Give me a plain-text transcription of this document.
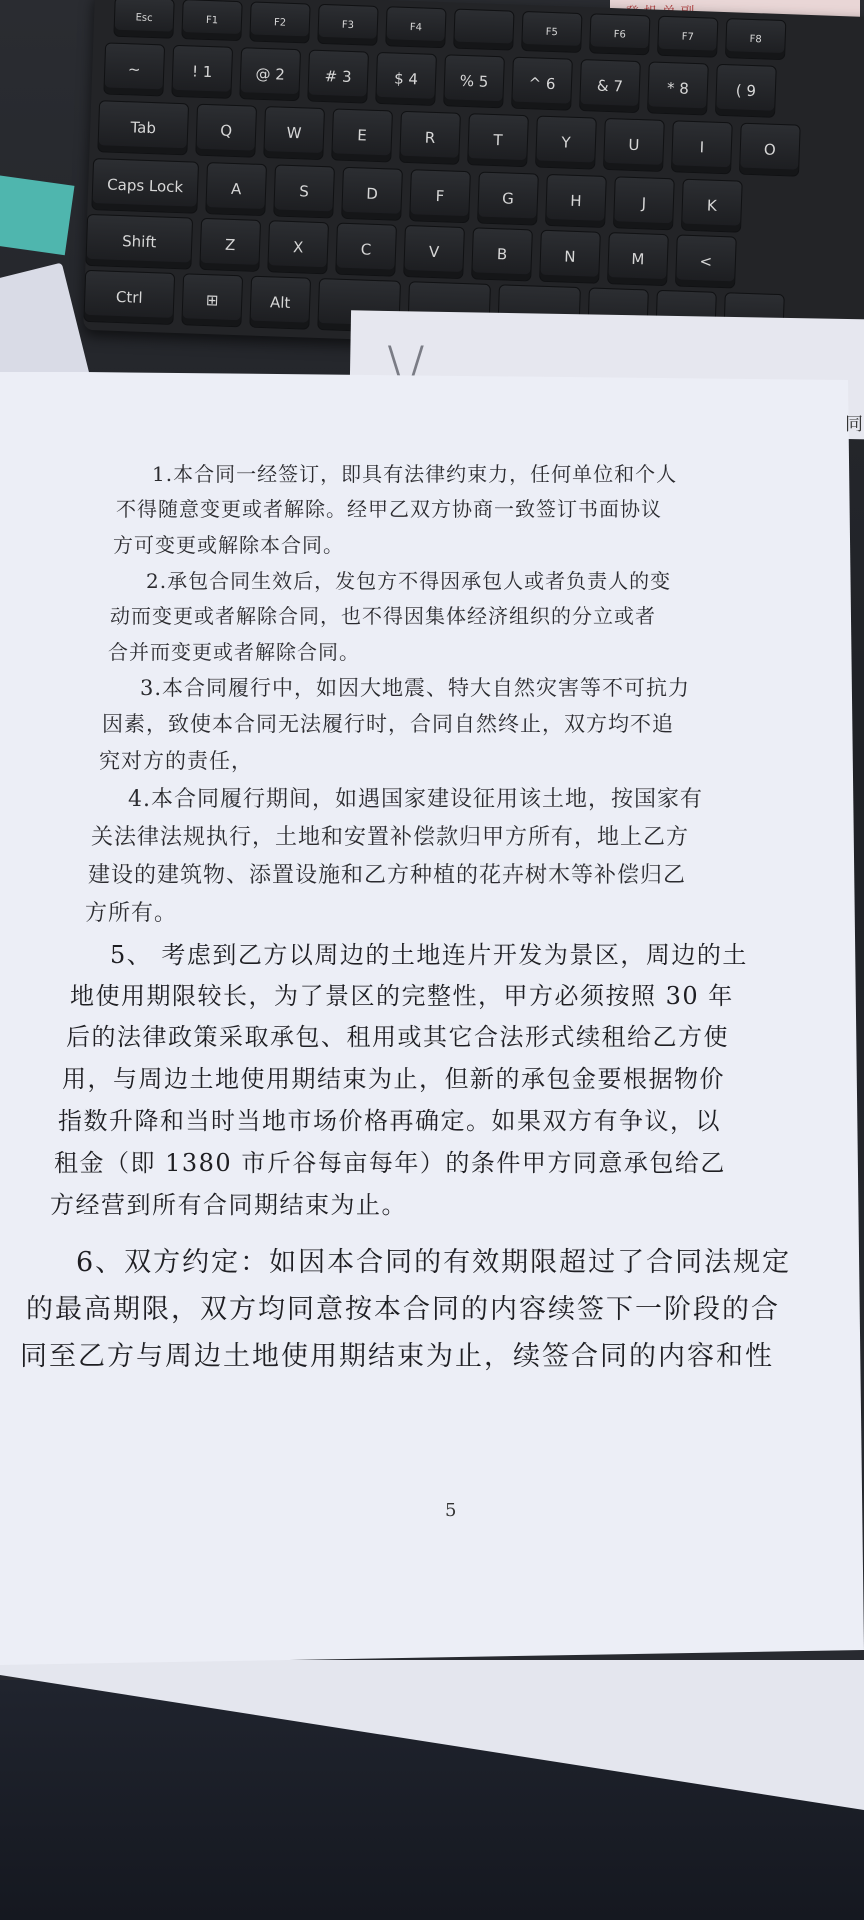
Esc	F1	F2	F3	F4	F5	F6	F7	F8
~	! 1	@ 2	# 3	$ 4	% 5	^ 6	& 7	* 8	( 9
Tab	Q	W	E	R	T	Y	U	I	O
Caps Lock	A	S	D	F	G	H	J	K
Shift	Z	X	C	V	B	N	M	<
Ctrl	⊞	Alt
\ /
同
1.本合同一经签订，即具有法律约束力，任何单位和个人
不得随意变更或者解除。经甲乙双方协商一致签订书面协议
方可变更或解除本合同。
2.承包合同生效后，发包方不得因承包人或者负责人的变
动而变更或者解除合同，也不得因集体经济组织的分立或者
合并而变更或者解除合同。
3.本合同履行中，如因大地震、特大自然灾害等不可抗力
因素，致使本合同无法履行时，合同自然终止，双方均不追
究对方的责任，
4.本合同履行期间，如遇国家建设征用该土地，按国家有
关法律法规执行，土地和安置补偿款归甲方所有，地上乙方
建设的建筑物、添置设施和乙方种植的花卉树木等补偿归乙
方所有。
5、 考虑到乙方以周边的土地连片开发为景区，周边的土
地使用期限较长，为了景区的完整性，甲方必须按照 30 年
后的法律政策采取承包、租用或其它合法形式续租给乙方使
用，与周边土地使用期结束为止，但新的承包金要根据物价
指数升降和当时当地市场价格再确定。如果双方有争议，以
租金（即 1380 市斤谷每亩每年）的条件甲方同意承包给乙
方经营到所有合同期结束为止。
6、双方约定：如因本合同的有效期限超过了合同法规定
的最高期限，双方均同意按本合同的内容续签下一阶段的合
同至乙方与周边土地使用期结束为止，续签合同的内容和性
5
